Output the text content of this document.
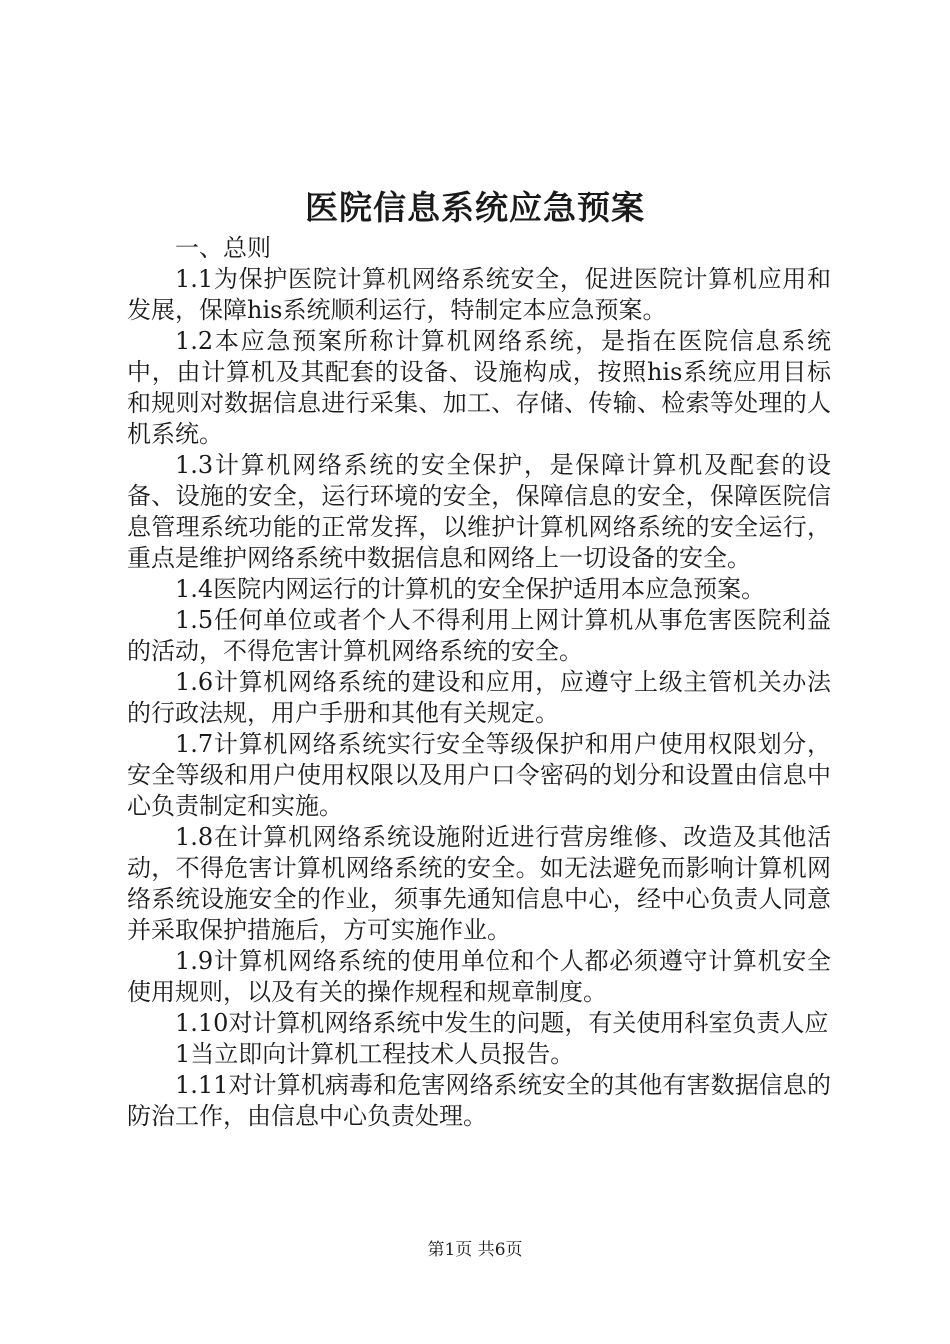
医院信息系统应急预案

一、总则

1.1为保护医院计算机网络系统安全，促进医院计算机应用和发展，保障his系统顺利运行，特制定本应急预案。

1.2本应急预案所称计算机网络系统，是指在医院信息系统中，由计算机及其配套的设备、设施构成，按照his系统应用目标和规则对数据信息进行采集、加工、存储、传输、检索等处理的人机系统。

1.3计算机网络系统的安全保护，是保障计算机及配套的设备、设施的安全，运行环境的安全，保障信息的安全，保障医院信息管理系统功能的正常发挥，以维护计算机网络系统的安全运行，重点是维护网络系统中数据信息和网络上一切设备的安全。

1.4医院内网运行的计算机的安全保护适用本应急预案。

1.5任何单位或者个人不得利用上网计算机从事危害医院利益的活动，不得危害计算机网络系统的安全。

1.6计算机网络系统的建设和应用，应遵守上级主管机关办法的行政法规，用户手册和其他有关规定。

1.7计算机网络系统实行安全等级保护和用户使用权限划分，安全等级和用户使用权限以及用户口令密码的划分和设置由信息中心负责制定和实施。

1.8在计算机网络系统设施附近进行营房维修、改造及其他活动，不得危害计算机网络系统的安全。如无法避免而影响计算机网络系统设施安全的作业，须事先通知信息中心，经中心负责人同意并采取保护措施后，方可实施作业。

1.9计算机网络系统的使用单位和个人都必须遵守计算机安全使用规则，以及有关的操作规程和规章制度。

1.10对计算机网络系统中发生的问题，有关使用科室负责人应

1当立即向计算机工程技术人员报告。

1.11对计算机病毒和危害网络系统安全的其他有害数据信息的防治工作，由信息中心负责处理。

第1页 共6页
